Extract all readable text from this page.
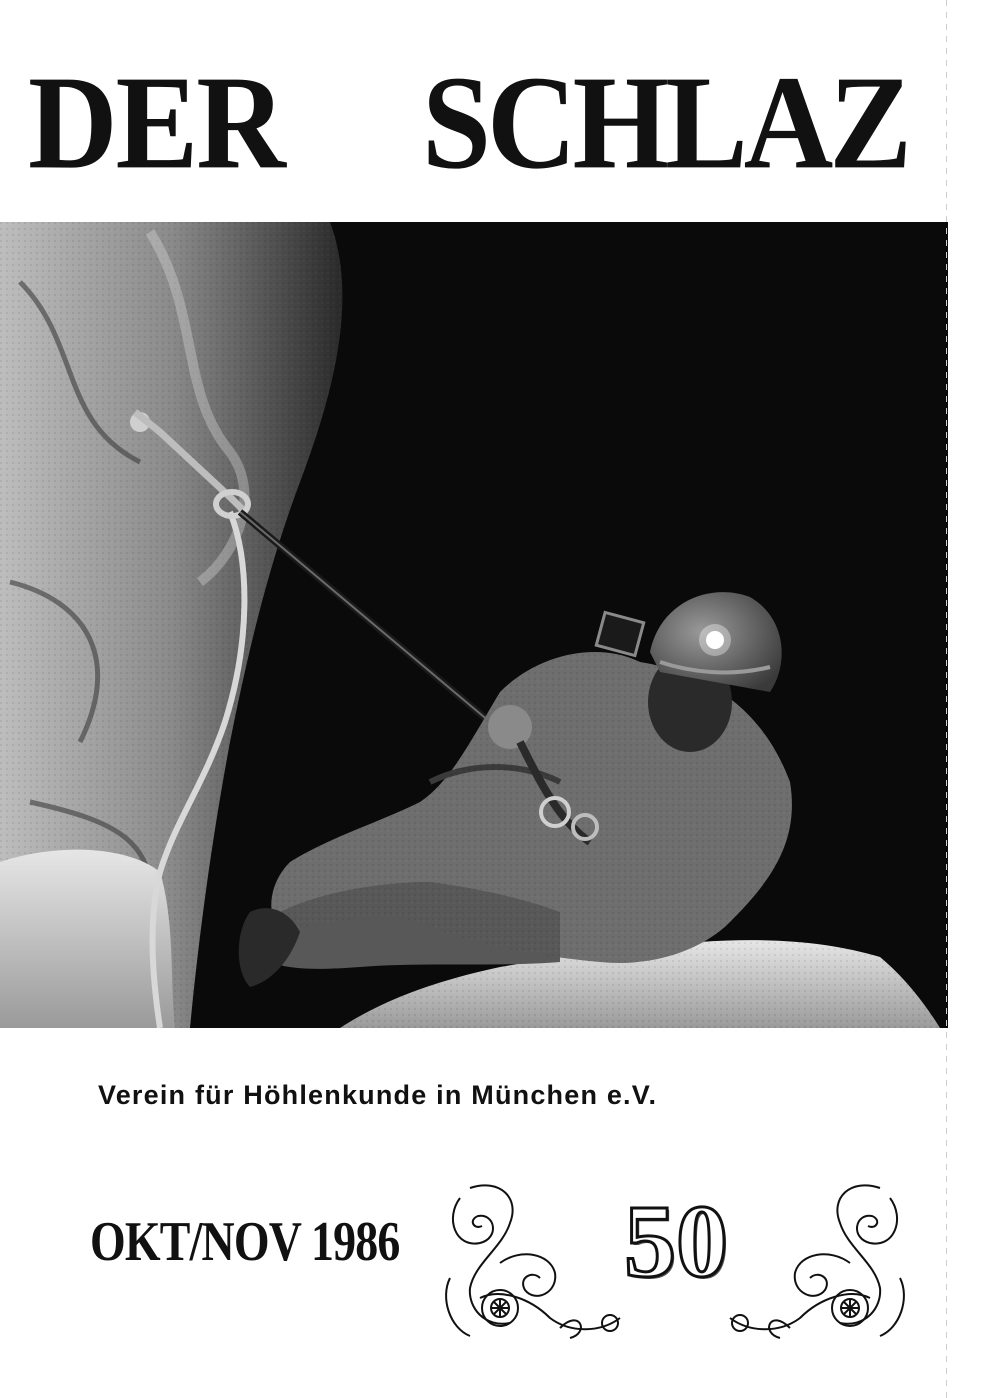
DER SCHLAZ
Verein für Höhlenkunde in München e.V.
OKT/NOV 1986 50
